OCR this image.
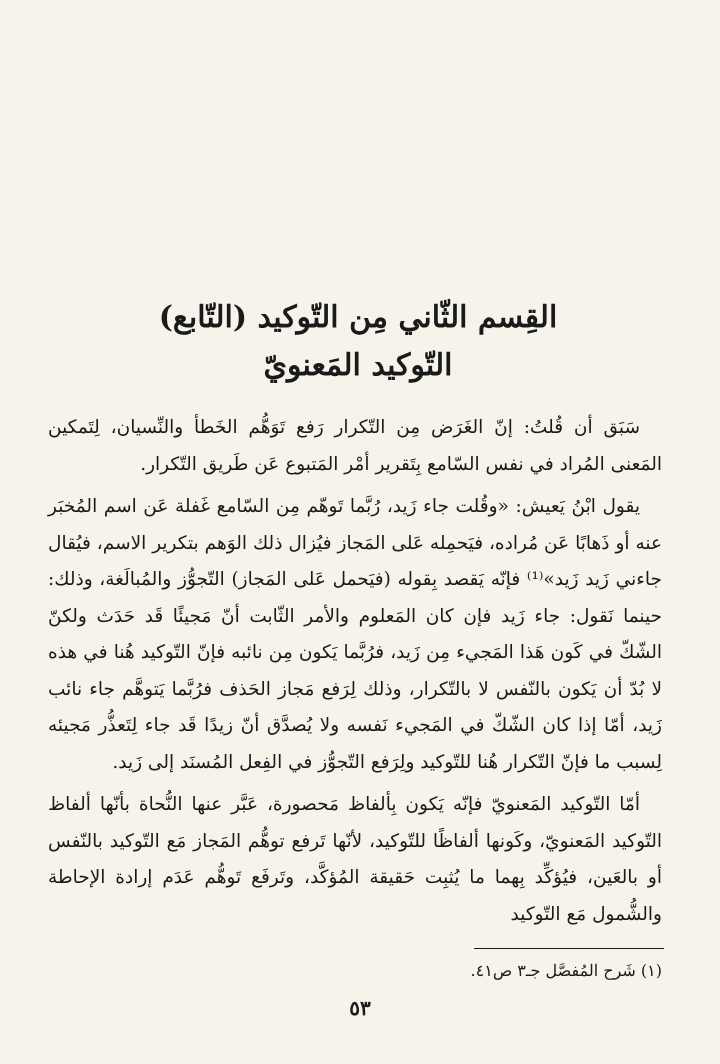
القِسم الثّاني مِن التّوكيد (التّابع)
التّوكيد المَعنويّ

سَبَق أن قُلتُ: إنّ الغَرَض مِن التّكرار رَفع تَوَهُّم الخَطأ والنِّسيان، لِتَمكين المَعنى المُراد في نفس السّامع بِتَقرير أمْر المَتبوع عَن طَريق التّكرار.

يقول ابْنُ يَعيش: «وقُلت جاء زَيد، رُبَّما تَوهّم مِن السّامع غَفلة عَن اسم المُخبَر عنه أو ذَهابًا عَن مُراده، فيَحمِله عَلى المَجاز فيُزال ذلك الوَهم بتكرير الاسم، فيُقال جاءني زَيد زَيد»⁽¹⁾ فإنّه يَقصد بِقوله (فيَحمل عَلى المَجاز) التّجوُّز والمُبالَغة، وذلك: حينما نَقول: جاء زَيد فإن كان المَعلوم والأمر الثّابت أنّ مَجيئًا قَد حَدَث ولكنّ الشّكّ في كَون هَذا المَجيء مِن زَيد، فرُبَّما يَكون مِن نائبه فإنّ التّوكيد هُنا في هذه لا بُدّ أن يَكون بالنّفس لا بالتّكرار، وذلك لِرَفع مَجاز الحَذف فرُبَّما يَتوهَّم جاء نائب زَيد، أمّا إذا كان الشّكّ في المَجيء نَفسه ولا يُصدَّق أنّ زيدًا قَد جاء لِتَعذُّر مَجيئه لِسبب ما فإنّ التّكرار هُنا للتّوكيد ولِرَفع التّجوُّز في الفِعل المُسنَد إلى زَيد.

أمّا التّوكيد المَعنويّ فإنّه يَكون بِألفاظ مَحصورة، عَبَّر عنها النُّحاة بأنّها ألفاظ التّوكيد المَعنويّ، وكَونها ألفاظًا للتّوكيد، لأنّها تَرفع توهُّم المَجاز مَع التّوكيد بالنّفس أو بالعَين، فيُؤكِّد بِهما ما يُثبِت حَقيقة المُؤكَّد، وتَرفَع تَوهُّم عَدَم إرادة الإحاطة والشُّمول مَع التّوكيد

(١) شَرح المُفصَّل جـ٣ ص٤١.
٥٣
